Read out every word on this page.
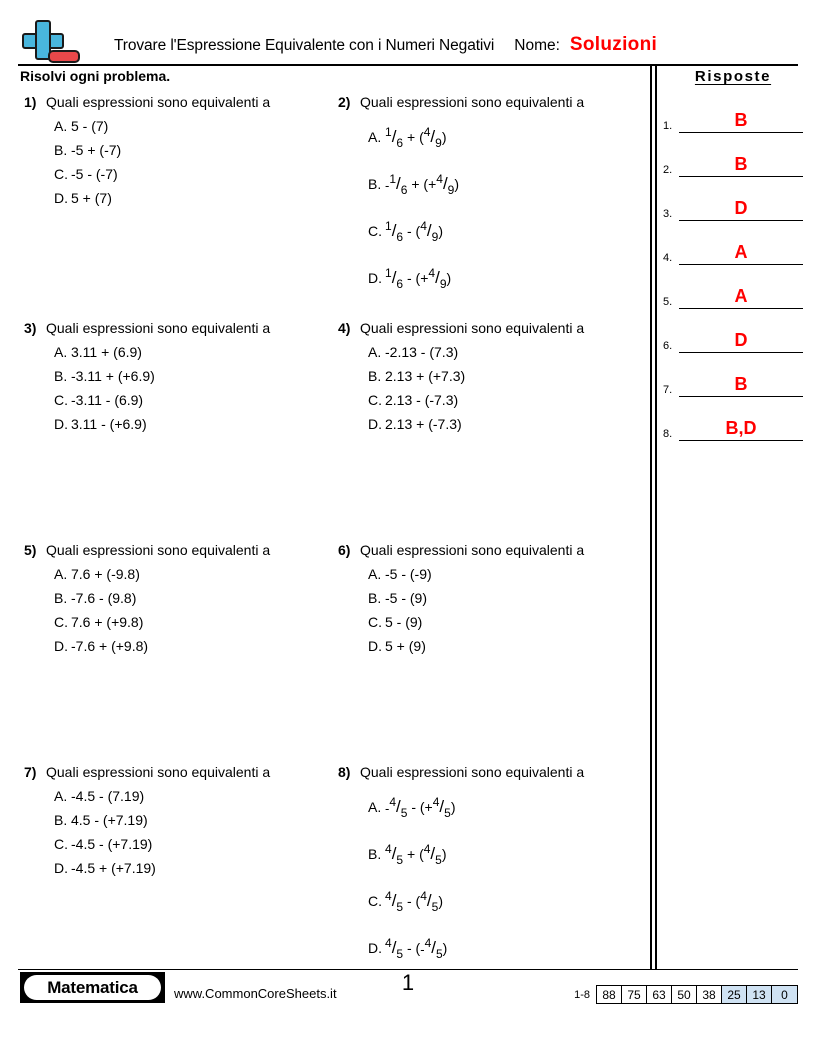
Trovare l'Espressione Equivalente con i Numeri Negativi Nome: Soluzioni
Risolvi ogni problema.	Risposte
1.	B
2.	B
3.	D
4.	A
5.	A
6.	D
7.	B
8.	B,D
1) Quali espressioni sono equivalenti a
A. 5 - (7)
B. -5 + (-7)
C. -5 - (-7)
D. 5 + (7)
2) Quali espressioni sono equivalenti a
A. 1/6 + (4/9)
B. -1/6 + (+4/9)
C. 1/6 - (4/9)
D. 1/6 - (+4/9)
3) Quali espressioni sono equivalenti a
A. 3.11 + (6.9)
B. -3.11 + (+6.9)
C. -3.11 - (6.9)
D. 3.11 - (+6.9)
4) Quali espressioni sono equivalenti a
A. -2.13 - (7.3)
B. 2.13 + (+7.3)
C. 2.13 - (-7.3)
D. 2.13 + (-7.3)
5) Quali espressioni sono equivalenti a
A. 7.6 + (-9.8)
B. -7.6 - (9.8)
C. 7.6 + (+9.8)
D. -7.6 + (+9.8)
6) Quali espressioni sono equivalenti a
A. -5 - (-9)
B. -5 - (9)
C. 5 - (9)
D. 5 + (9)
7) Quali espressioni sono equivalenti a
A. -4.5 - (7.19)
B. 4.5 - (+7.19)
C. -4.5 - (+7.19)
D. -4.5 + (+7.19)
8) Quali espressioni sono equivalenti a
A. -4/5 - (+4/5)
B. 4/5 + (4/5)
C. 4/5 - (4/5)
D. 4/5 - (-4/5)
Matematica	www.CommonCoreSheets.it	1	1-8	88 75 63 50 38 25 13	0
